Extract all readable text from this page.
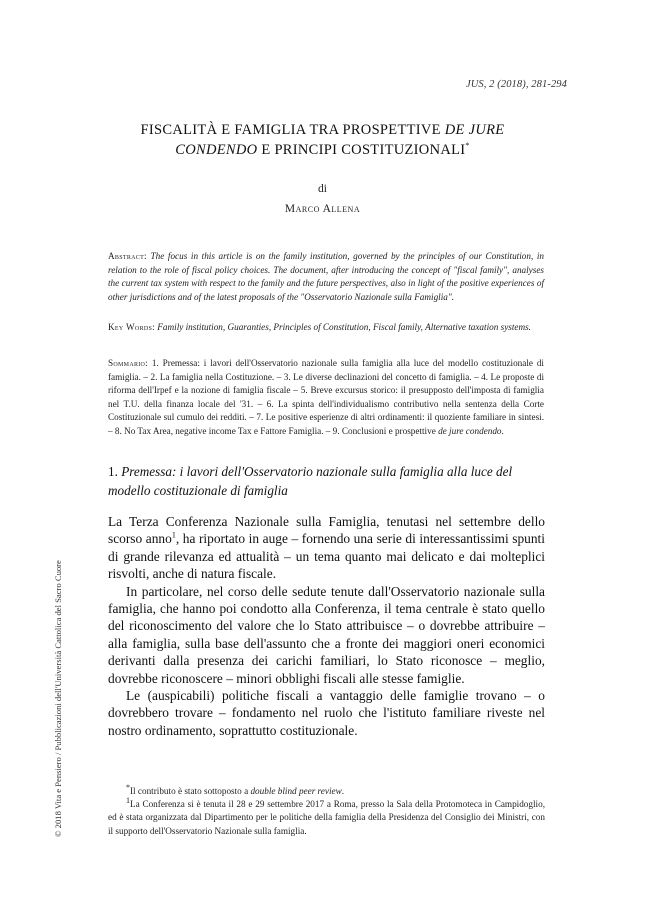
JUS, 2 (2018), 281-294
FISCALITÀ E FAMIGLIA TRA PROSPETTIVE DE JURE CONDENDO E PRINCIPI COSTITUZIONALI*
di
Marco Allena
Abstract: The focus in this article is on the family institution, governed by the principles of our Constitution, in relation to the role of fiscal policy choices. The document, after introducing the concept of "fiscal family", analyses the current tax system with respect to the family and the future perspectives, also in light of the positive experiences of other jurisdictions and of the latest proposals of the "Osservatorio Nazionale sulla Famiglia".
Key Words: Family institution, Guaranties, Principles of Constitution, Fiscal family, Alternative taxation systems.
Sommario: 1. Premessa: i lavori dell'Osservatorio nazionale sulla famiglia alla luce del modello costituzionale di famiglia. – 2. La famiglia nella Costituzione. – 3. Le diverse declinazioni del concetto di famiglia. – 4. Le proposte di riforma dell'Irpef e la nozione di famiglia fiscale – 5. Breve excursus storico: il presupposto dell'imposta di famiglia nel T.U. della finanza locale del '31. – 6. La spinta dell'individualismo contributivo nella sentenza della Corte Costituzionale sul cumulo dei redditi. – 7. Le positive esperienze di altri ordinamenti: il quoziente familiare in sintesi. – 8. No Tax Area, negative income Tax e Fattore Famiglia. – 9. Conclusioni e prospettive de jure condendo.
1. Premessa: i lavori dell'Osservatorio nazionale sulla famiglia alla luce del modello costituzionale di famiglia

La Terza Conferenza Nazionale sulla Famiglia, tenutasi nel settembre dello scorso anno$^1$, ha riportato in auge – fornendo una serie di interessantissimi spunti di grande rilevanza ed attualità – un tema quanto mai delicato e dai molteplici risvolti, anche di natura fiscale.

In particolare, nel corso delle sedute tenute dall'Osservatorio nazionale sulla famiglia, che hanno poi condotto alla Conferenza, il tema centrale è stato quello del riconoscimento del valore che lo Stato attribuisce – o dovrebbe attribuire – alla famiglia, sulla base dell'assunto che a fronte dei maggiori oneri economici derivanti dalla presenza dei carichi familiari, lo Stato riconosce – meglio, dovrebbe riconoscere – minori obblighi fiscali alle stesse famiglie.

Le (auspicabili) politiche fiscali a vantaggio delle famiglie trovano – o dovrebbero trovare – fondamento nel ruolo che l'istituto familiare riveste nel nostro ordinamento, soprattutto costituzionale.

*Il contributo è stato sottoposto a double blind peer review.

$^1$La Conferenza si è tenuta il 28 e 29 settembre 2017 a Roma, presso la Sala della Protomoteca in Campidoglio, ed è stata organizzata dal Dipartimento per le politiche della famiglia della Presidenza del Consiglio dei Ministri, con il supporto dell'Osservatorio Nazionale sulla famiglia.

© 2018 Vita e Pensiero / Pubblicazioni dell'Università Cattolica del Sacro Cuore
